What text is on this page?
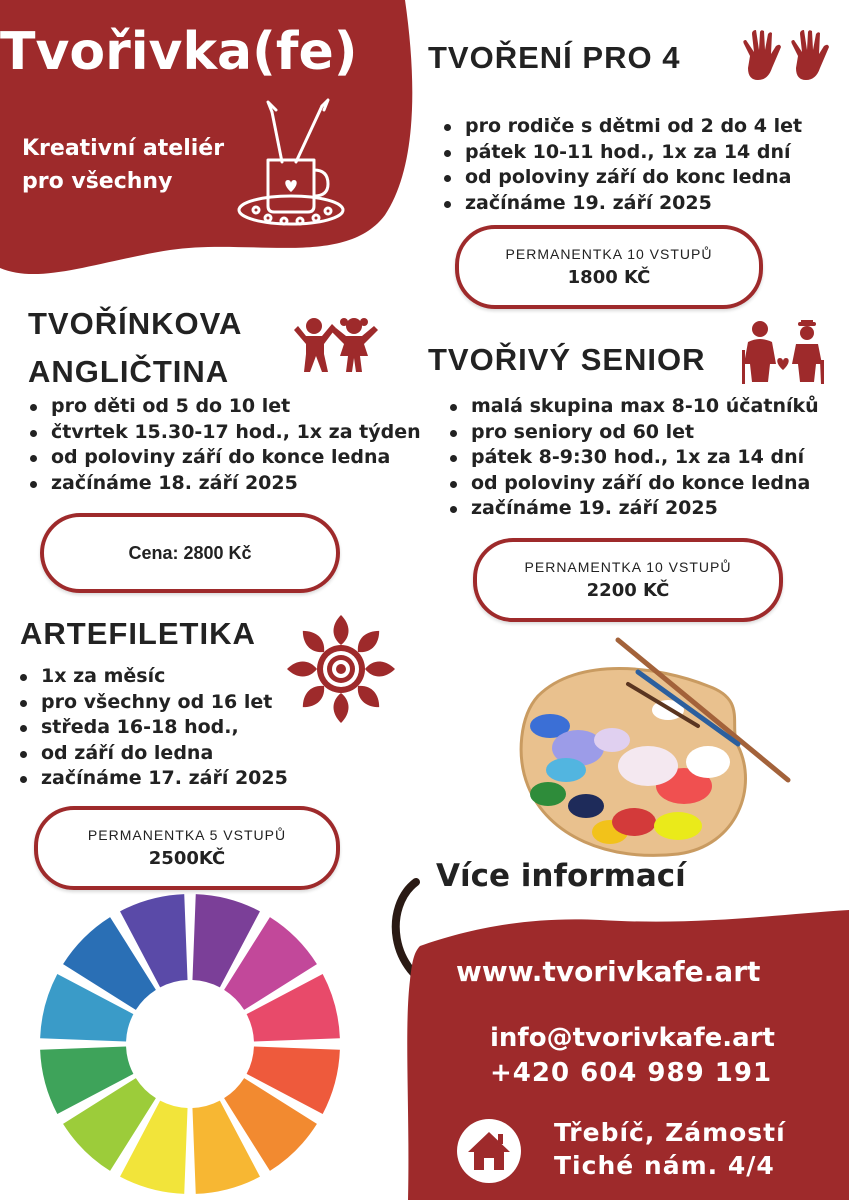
Tvořivka(fe)
Kreativní ateliér
pro všechny
TVOŘENÍ PRO 4
pro rodiče s dětmi od 2 do 4 let
pátek 10-11 hod., 1x za 14 dní
od poloviny září do konc ledna
začínáme 19. září 2025
PERMANENTKA 10 VSTUPŮ
1800 KČ
TVOŘÍNKOVA
ANGLIČTINA
pro děti od 5 do 10 let
čtvrtek 15.30-17 hod., 1x za týden
od poloviny září do konce ledna
začínáme 18. září 2025
Cena: 2800 Kč
TVOŘIVÝ SENIOR
malá skupina max 8-10 účatníků
pro seniory od 60 let
pátek 8-9:30 hod., 1x za 14 dní
od poloviny září do konce ledna
začínáme 19. září 2025
PERNAMENTKA 10 VSTUPŮ
2200 KČ
ARTEFILETIKA
1x za měsíc
pro všechny od 16 let
středa 16-18 hod.,
od září do ledna
začínáme 17. září 2025
PERMANENTKA 5 VSTUPŮ
2500KČ	Více informací
www.tvorivkafe.art
info@tvorivkafe.art
+420 604 989 191
Třebíč, Zámostí
Tiché nám. 4/4
